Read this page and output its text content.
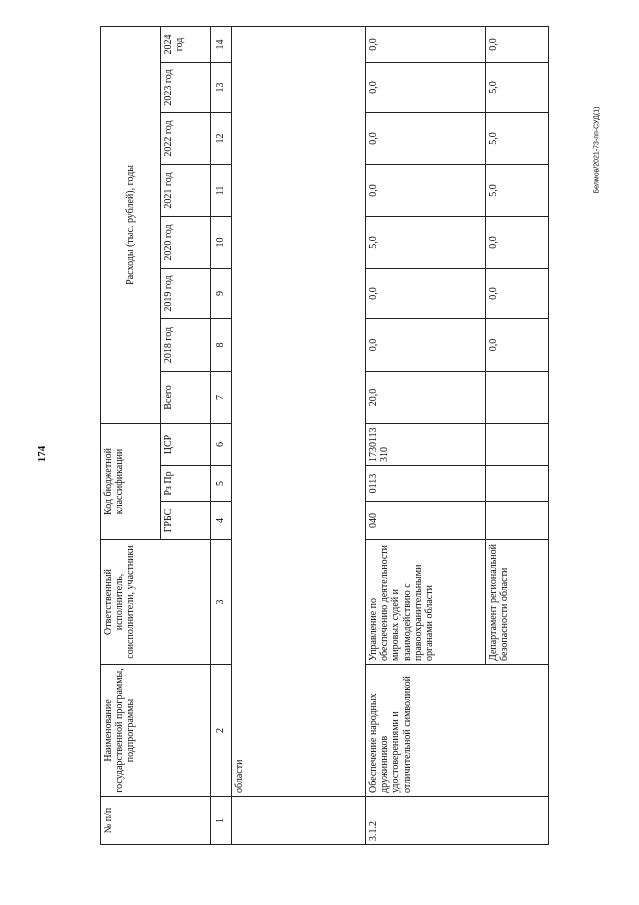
174
Белмов/2021-73-пп-СУД(1)
№ п/п	Наименование государственной программы, подпрограммы	Ответственный исполнитель, соисполнители, участники	Код бюджетной классификации			Расходы (тыс. рублей), годы							
			ГРБС	Рз Пр	ЦСР	Всего	2018 год	2019 год	2020 год	2021 год	2022 год	2023 год	2024 год
1	2	3	4	5	6	7	8	9	10	11	12	13	14
	области												
3.1.2	Обеспечение народных дружинников удостоверениями и отличительной символикой	Управление по обеспечению деятельности мировых судей и взаимодействию с правоохранительными органами области	040	0113	1730113310	20,0	0,0	0,0	5,0	0,0	0,0	0,0	0,0
		Департамент региональной безопасности области					0,0	0,0	0,0	5,0	5,0	5,0	0,0
